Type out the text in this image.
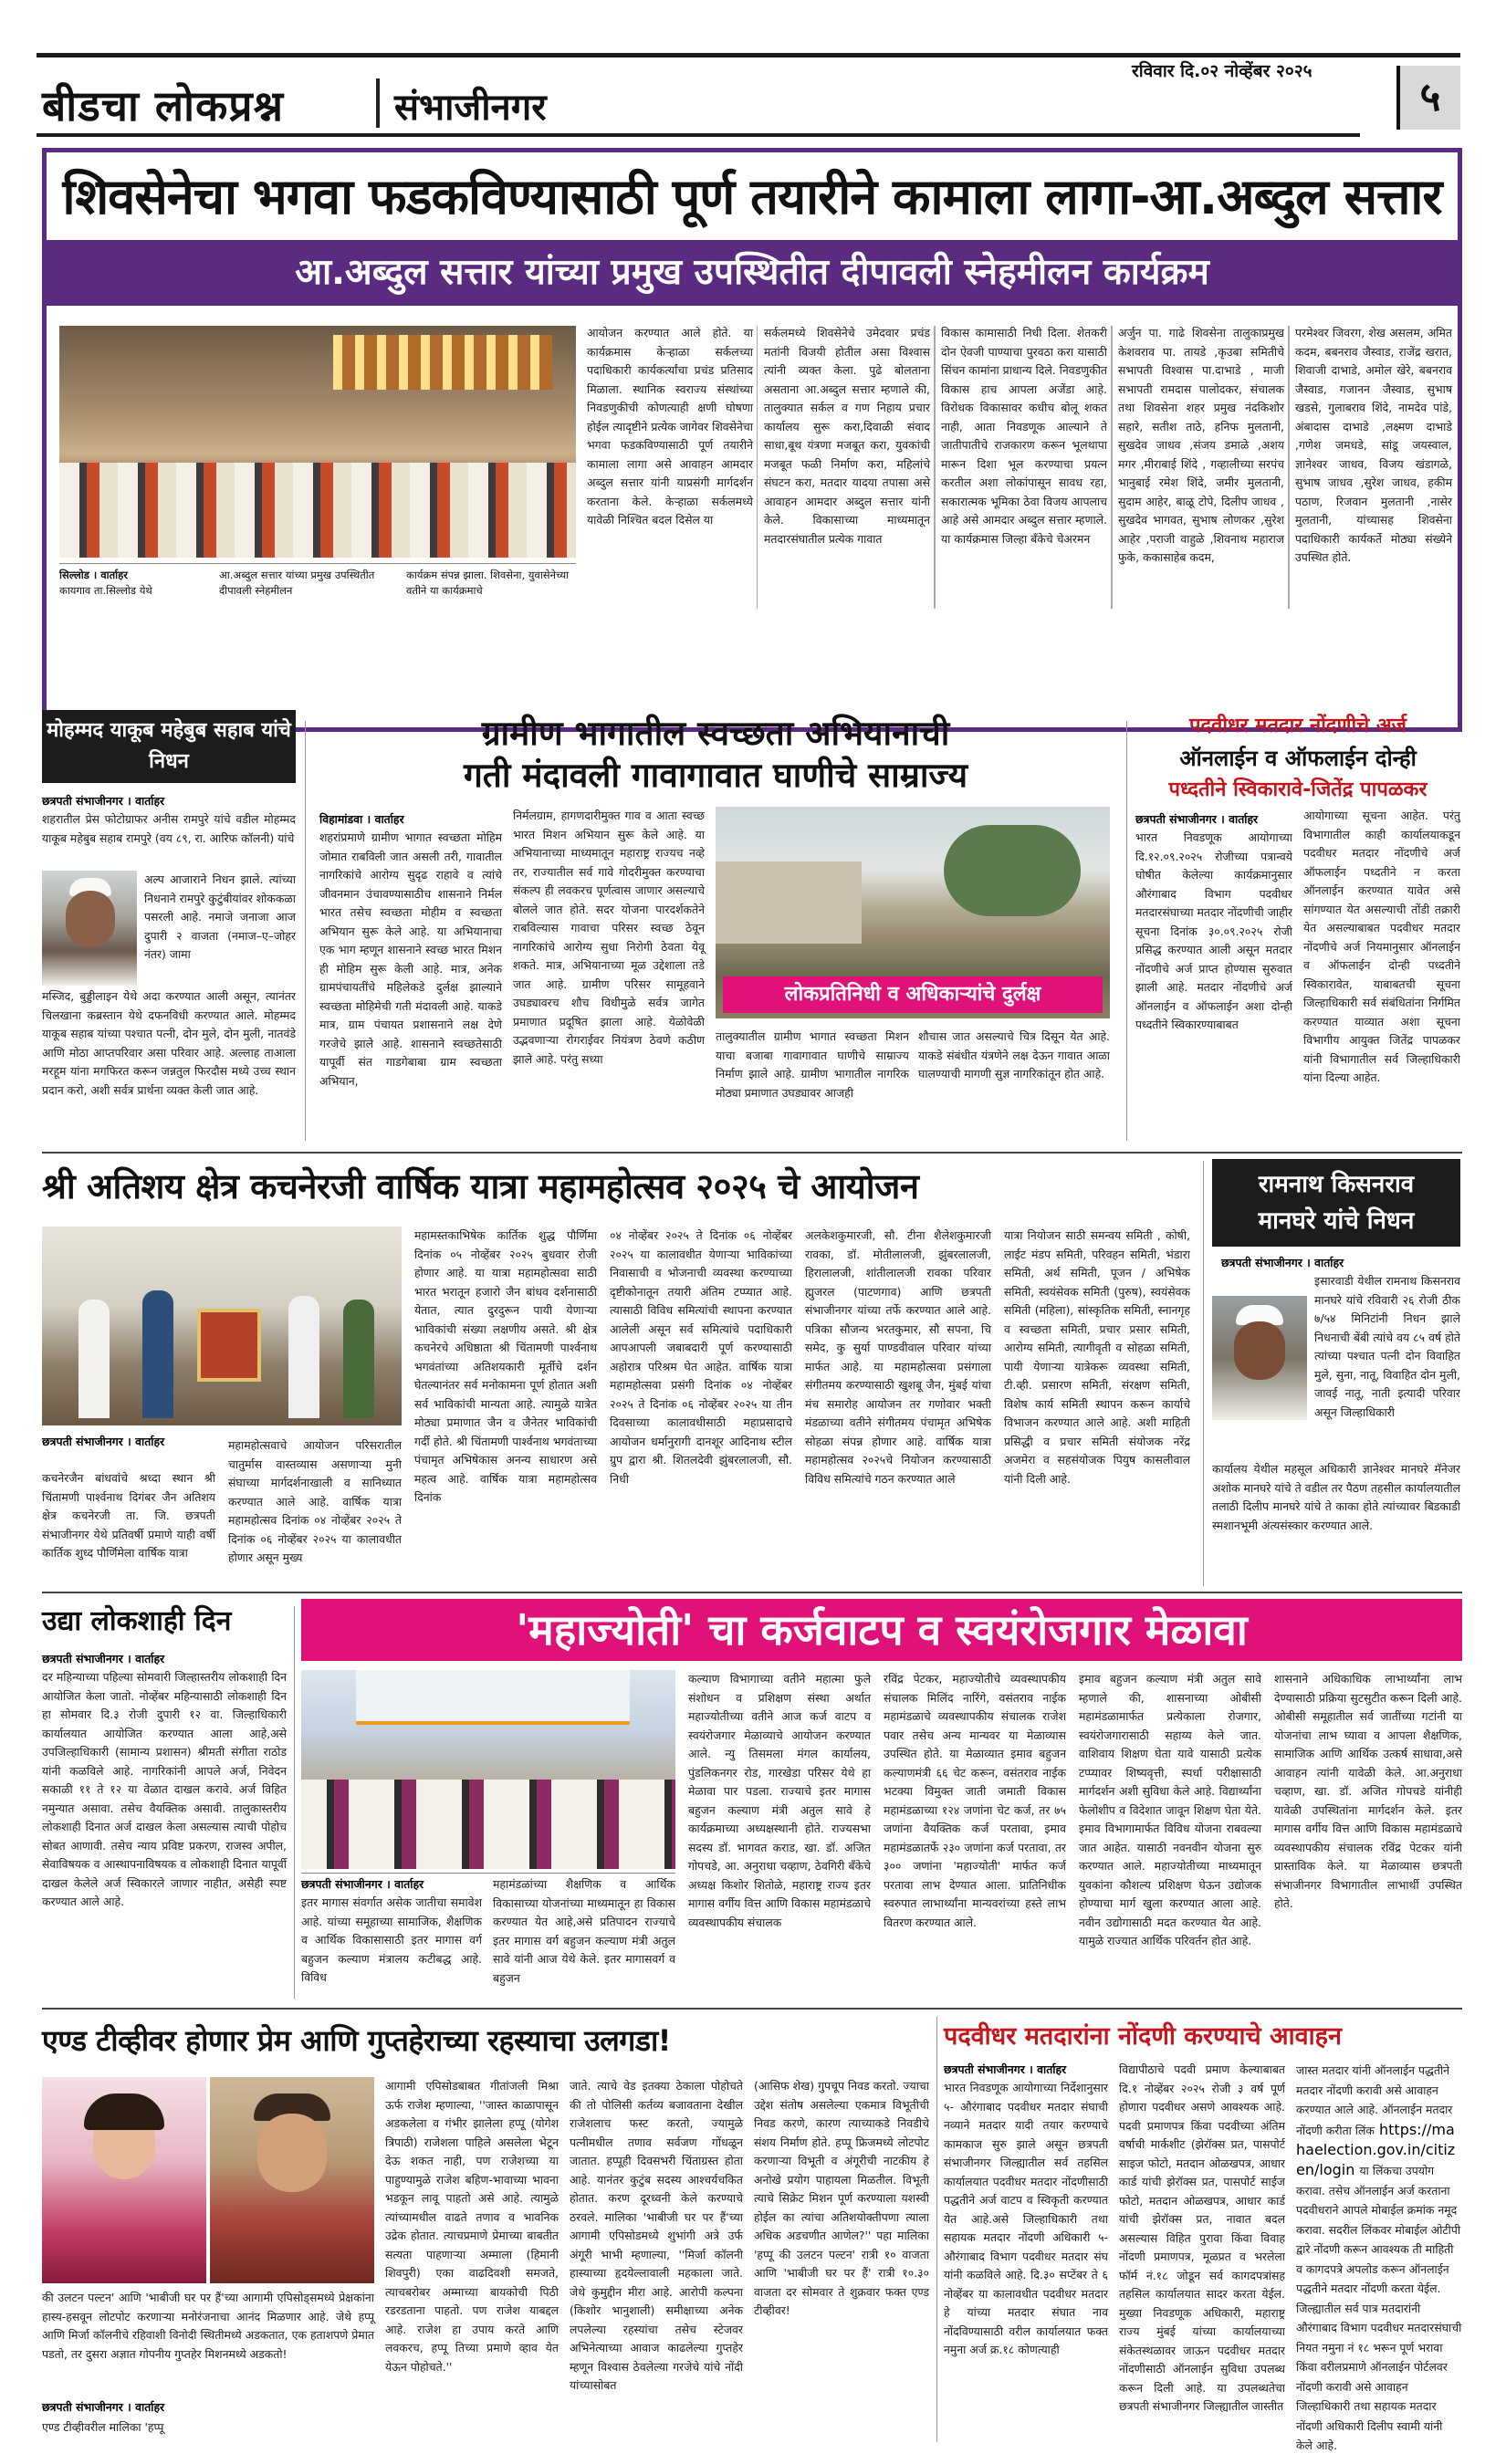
बीडचा लोकप्रश्न	संभाजीनगर
रविवार दि.०२ नोव्हेंबर २०२५
५
शिवसेनेचा भगवा फडकविण्यासाठी पूर्ण तयारीने कामाला लागा-आ.अब्दुल सत्तार
आ.अब्दुल सत्तार यांच्या प्रमुख उपस्थितीत दीपावली स्नेहमीलन कार्यक्रम
सिल्लोड । वार्ताहर
कायगाव ता.सिल्लोड येथे
आ.अब्दुल सत्तार यांच्या प्रमुख उपस्थितीत दीपावली स्नेहमीलन
कार्यक्रम संपन्न झाला. शिवसेना, युवासेनेच्या वतीने या कार्यक्रमाचे
आयोजन करण्यात आले होते. या कार्यक्रमास केऱ्हाळा सर्कलच्या पदाधिकारी कार्यकर्त्यांचा प्रचंड प्रतिसाद मिळाला. स्थानिक स्वराज्य संस्थांच्या निवडणुकीची कोणत्याही क्षणी घोषणा होईल त्यादृष्टीने प्रत्येक जागेवर शिवसेनेचा भगवा फडकविण्यासाठी पूर्ण तयारीने कामाला लागा असे आवाहन आमदार अब्दुल सत्तार यांनी याप्रसंगी मार्गदर्शन करताना केले. केऱ्हाळा सर्कलमध्ये यावेळी निश्चित बदल दिसेल या
सर्कलमध्ये शिवसेनेचे उमेदवार प्रचंड मतांनी विजयी होतील असा विश्वास त्यांनी व्यक्त केला. पुढे बोलताना असताना आ.अब्दुल सत्तार म्हणाले की, तालुक्यात सर्कल व गण निहाय प्रचार कार्यालय सुरू करा,दिवाळी संवाद साधा,बूथ यंत्रणा मजबूत करा, युवकांची मजबूत फळी निर्माण करा, महिलांचे संघटन करा, मतदार यादया तपासा असे आवाहन आमदार अब्दुल सत्तार यांनी केले. विकासाच्या माध्यमातून मतदारसंघातील प्रत्येक गावात
विकास कामासाठी निधी दिला. शेतकरी दोन ऐवजी पाण्याचा पुरवठा करा यासाठी सिंचन कामांना प्राधान्य दिले. निवडणुकीत विकास हाच आपला अजेंडा आहे. विरोधक विकासावर कधीच बोलू शकत नाही, आता निवडणूक आल्याने ते जातीपातीचे राजकारण करून भूलथापा मारून दिशा भूल करण्याचा प्रयत्न करतील अशा लोकांपासून सावध रहा, सकारात्मक भूमिका ठेवा विजय आपलाच आहे असे आमदार अब्दुल सत्तार म्हणाले. या कार्यक्रमास जिल्हा बँकेचे चेअरमन
अर्जुन पा. गाढे शिवसेना तालुकाप्रमुख केशवराव पा. तायडे ,कृउबा समितीचे सभापती विश्वास पा.दाभाडे , माजी सभापती रामदास पालोदकर, संचालक तथा शिवसेना शहर प्रमुख नंदकिशोर सहारे, सतीश ताठे, हनिफ मुलतानी, सुखदेव जाधव ,संजय डमाळे ,अशय मगर ,मीराबाई शिंदे , गव्हालीच्या सरपंच भानुबाई रमेश शिंदे, जमीर मुलतानी, सुदाम आहेर, बाळू टोपे, दिलीप जाधव , सुखदेव भागवत, सुभाष लोणकर ,सुरेश आहेर ,पराजी वाहुळे ,शिवनाथ महाराज फुके, ककासाहेब कदम,
परमेश्वर जिवरग, शेख असलम, अमित कदम, बबनराव जैस्वाड, राजेंद्र खरात, शिवाजी दाभाडे, अमोल खेरे, बबनराव जैस्वाड, गजानन जैस्वाड, सुभाष खडसे, गुलाबराव शिंदे, नामदेव पांडे, अंबादास दाभाडे ,लक्ष्मण दाभाडे ,गणेश जमधडे, सांडू जयस्वाल, ज्ञानेश्वर जाधव, विजय खंडागळे, सुभाष जाधव ,सुरेश जाधव, हकीम पठाण, रिजवान मुलतानी ,नासेर मुलतानी, यांच्यासह शिवसेना पदाधिकारी कार्यकर्ते मोठ्या संख्येने उपस्थित होते.
मोहम्मद याकूब महेबुब सहाब यांचे निधन
छत्रपती संभाजीनगर । वार्ताहर
शहरातील प्रेस फोटोग्राफर अनीस रामपुरे यांचे वडील मोहम्मद याकूब महेबुब सहाब रामपुरे (वय ८९, रा. आरिफ कॉलनी) यांचे
अल्प आजाराने निधन झाले. त्यांच्या निधनाने रामपुरे कुटुंबीयांवर शोककळा पसरली आहे. नमाजे जनाजा आज दुपारी २ वाजता (नमाज–ए–जोहर नंतर) जामा
मस्जिद, बुड्डीलाइन येथे अदा करण्यात आली असून, त्यानंतर चिलखाना कब्रस्तान येथे दफनविधी करण्यात आले. मोहम्मद याकूब सहाब यांच्या पश्चात पत्नी, दोन मुले, दोन मुली, नातवंडे आणि मोठा आप्तपरिवार असा परिवार आहे. अल्लाह ताआला मरहूम यांना मगफिरत करून जन्नतुल फिरदौस मध्ये उच्च स्थान प्रदान करो, अशी सर्वत्र प्रार्थना व्यक्त केली जात आहे.
ग्रामीण भागातील स्वच्छता अभियानाची
गती मंदावली गावागावात घाणीचे साम्राज्य
विहामांडवा । वार्ताहर
शहरांप्रमाणे ग्रामीण भागात स्वच्छता मोहिम जोमात राबविली जात असली तरी, गावातील नागरिकांचे आरोग्य सुदृढ राहावे व त्यांचे जीवनमान उंचावण्यासाठीच शासनाने निर्मल भारत तसेच स्वच्छता मोहीम व स्वच्छता अभियान सुरू केले आहे. या अभियानाचा एक भाग म्हणून शासनाने स्वच्छ भारत मिशन ही मोहिम सुरू केली आहे. मात्र, अनेक ग्रामपंचायतींचे महिलेकडे दुर्लक्ष झाल्याने स्वच्छता मोहिमेची गती मंदावली आहे. याकडे मात्र, ग्राम पंचायत प्रशासनाने लक्ष देणे गरजेचे झाले आहे. शासनाने स्वच्छतेसाठी यापूर्वी संत गाडगेबाबा ग्राम स्वच्छता अभियान,
निर्मलग्राम, हागणदारीमुक्त गाव व आता स्वच्छ भारत मिशन अभियान सुरू केले आहे. या अभियानाच्या माध्यमातून महाराष्ट्र राज्यच नव्हे तर, राज्यातील सर्व गावे गोदरीमुक्त करण्याचा संकल्प ही लवकरच पूर्णत्वास जाणार असल्याचे बोलले जात होते. सदर योजना पारदर्शकतेने राबविल्यास गावाचा परिसर स्वच्छ ठेवून नागरिकांचे आरोग्य सुधा निरोगी ठेवता येवू शकते. मात्र, अभियानाच्या मूळ उद्देशाला तडे जात आहे. ग्रामीण परिसर सामूहवाने उघड्यावरच शौच विधीमुळे सर्वत्र जागेत प्रमाणात प्रदूषित झाला आहे. येळोवेळी उद्भवणाऱ्या रोगराईवर नियंत्रण ठेवणे कठीण झाले आहे. परंतु सध्या
लोकप्रतिनिधी व अधिकाऱ्यांचे दुर्लक्ष
तालुक्यातील ग्रामीण भागात स्वच्छता मिशन याचा बजाबा गावागावात घाणीचे साम्राज्य निर्माण झाले आहे. ग्रामीण भागातील नागरिक मोठ्या प्रमाणात उघड्यावर आजही
शौचास जात असल्याचे चित्र दिसून येत आहे. याकडे संबंधीत यंत्रणेने लक्ष देऊन गावात आळा घालण्याची मागणी सुज्ञ नागरिकांतून होत आहे.
पदवीधर मतदार नोंदणीचे अर्ज
ऑनलाईन व ऑफलाईन दोन्ही
पध्दतीने स्विकारावे-जितेंद्र पापळकर
छत्रपती संभाजीनगर । वार्ताहर
भारत निवडणूक आयोगाच्या दि.१२.०९.२०२५ रोजीच्या पत्रान्वये घोषीत केलेल्या कार्यक्रमानुसार औरंगाबाद विभाग पदवीधर मतदारसंघाच्या मतदार नोंदणीची जाहीर सूचना दिनांक ३०.०९.२०२५ रोजी प्रसिद्ध करण्यात आली असून मतदार नोंदणीचे अर्ज प्राप्त होण्यास सुरुवात झाली आहे. मतदार नोंदणीचे अर्ज ऑनलाईन व ऑफलाईन अशा दोन्ही पध्दतीने स्विकारण्याबाबत
आयोगाच्या सूचना आहेत. परंतु विभागातील काही कार्यालयाकडून पदवीधर मतदार नोंदणीचे अर्ज ऑफलाईन पध्दतीने न करता ऑनलाईन करण्यात यावेत असे सांगण्यात येत असल्याची तोंडी तक्रारी येत असल्याबाबत पदवीधर मतदार नोंदणीचे अर्ज नियमानुसार ऑनलाईन व ऑफलाईन दोन्ही पध्दतीने स्विकारावेत, याबाबतची सूचना जिल्हाधिकारी सर्व संबंधितांना निर्गमित करण्यात याव्यात अशा सूचना विभागीय आयुक्त जितेंद्र पापळकर यांनी विभागातील सर्व जिल्हाधिकारी यांना दिल्या आहेत.
श्री अतिशय क्षेत्र कचनेरजी वार्षिक यात्रा महामहोत्सव २०२५ चे आयोजन
छत्रपती संभाजीनगर । वार्ताहर
कचनेरजैन बांधवांचे श्रध्दा स्थान श्री चिंतामणी पार्श्वनाथ दिगंबर जैन अतिशय क्षेत्र कचनेरजी ता. जि. छत्रपती संभाजीनगर येथे प्रतिवर्षी प्रमाणे याही वर्षी कार्तिक शुध्द पौर्णिमेला वार्षिक यात्रा
महामहोत्सवाचे आयोजन परिसरातील चातुर्मास वास्तव्यास असणाऱ्या मुनी संघाच्या मार्गदर्शनाखाली व सानिध्यात करण्यात आले आहे. वार्षिक यात्रा महामहोत्सव दिनांक ०४ नोव्हेंबर २०२५ ते दिनांक ०६ नोव्हेंबर २०२५ या कालावधीत होणार असून मुख्य
महामस्तकाभिषेक कार्तिक शुद्ध पौर्णिमा दिनांक ०५ नोव्हेंबर २०२५ बुधवार रोजी होणार आहे. या यात्रा महामहोत्सवा साठी भारत भरातून हजारो जैन बांधव दर्शनासाठी येतात, त्यात दुरदुरून पायी येणाऱ्या भाविकांची संख्या लक्षणीय असते. श्री क्षेत्र कचनेरचे अधिष्ठाता श्री चिंतामणी पार्श्वनाथ भगवंतांच्या अतिशयकारी मूर्तीचे दर्शन घेतल्यानंतर सर्व मनोकामना पूर्ण होतात अशी सर्व भाविकांची मान्यता आहे. त्यामुळे यात्रेत मोठ्या प्रमाणात जैन व जैनेतर भाविकांची गर्दी होते. श्री चिंतामणी पार्श्वनाथ भगवंताच्या पंचामृत अभिषेकास अनन्य साधारण असे महत्व आहे. वार्षिक यात्रा महामहोत्सव दिनांक
०४ नोव्हेंबर २०२५ ते दिनांक ०६ नोव्हेंबर २०२५ या कालावधीत येणाऱ्या भाविकांच्या निवासाची व भोजनाची व्यवस्था करण्याच्या दृष्टीकोनातून तयारी अंतिम टप्प्यात आहे. त्यासाठी विविध समित्यांची स्थापना करण्यात आलेली असून सर्व समित्यांचे पदाधिकारी आपआपली जबाबदारी पूर्ण करण्यासाठी अहोरात्र परिश्रम घेत आहेत. वार्षिक यात्रा महामहोत्सवा प्रसंगी दिनांक ०४ नोव्हेंबर २०२५ ते दिनांक ०६ नोव्हेंबर २०२५ या तीन दिवसाच्या कालावधीसाठी महाप्रसादाचे आयोजन धर्मानुरागी दानशूर आदिनाथ स्टील ग्रुप द्वारा श्री. शितलदेवी झुंबरलालजी, सौ. निधी
अलकेशकुमारजी, सौ. टीना शैलेशकुमारजी रावका, डॉ. मोतीलालजी, झुंबरलालजी, हिरालालजी, शांतीलालजी रावका परिवार ह्मुजरल (पाटणगाव) आणि छत्रपती संभाजीनगर यांच्या तर्फे करण्यात आले आहे. पत्रिका सौजन्य भरतकुमार, सौ सपना, चि समेद, कु सुर्या पाण्डवीवाल परिवार यांच्या मार्फत आहे. या महामहोत्सवा प्रसंगाला संगीतमय करण्यासाठी खुशबू जैन, मुंबई यांचा मंच समारोह आयोजन तर गणोवार भक्ती मंडळाच्या वतीने संगीतमय पंचामृत अभिषेक सोहळा संपन्न होणार आहे. वार्षिक यात्रा महामहोत्सव २०२५चे नियोजन करण्यासाठी विविध समित्यांचे गठन करण्यात आले
यात्रा नियोजन साठी समन्वय समिती , कोषी, लाईट मंडप समिती, परिवहन समिती, भंडारा समिती, अर्थ समिती, पूजन / अभिषेक समिती, स्वयंसेवक समिती (पुरुष), स्वयंसेवक समिती (महिला), सांस्कृतिक समिती, स्नानगृह व स्वच्छता समिती, प्रचार प्रसार समिती, आरोग्य समिती, त्यागीवृती व सोहळा समिती, पायी येणाऱ्या यात्रेकरू व्यवस्था समिती, टी.व्ही. प्रसारण समिती, संरक्षण समिती, विशेष कार्य समिती स्थापन करून कार्याचे विभाजन करण्यात आले आहे. अशी माहिती प्रसिद्धी व प्रचार समिती संयोजक नरेंद्र अजमेरा व सहसंयोजक पियुष कासलीवाल यांनी दिली आहे.
रामनाथ किसनराव
मानघरे यांचे निधन
छत्रपती संभाजीनगर । वार्ताहर
इसारवाडी येथील रामनाथ किसनराव मानघरे यांचे रविवारी २६ रोजी ठीक ७/५४ मिनिटांनी निधन झाले निधनाची बेंबी त्यांचे वय ८५ वर्ष होते त्यांच्या पश्चात पत्नी दोन विवाहित मुले, सुना, नातू, विवाहित दोन मुली, जावई नातू, नाती इत्यादी परिवार असून जिल्हाधिकारी
कार्यालय येथील महसूल अधिकारी ज्ञानेश्वर मानघरे मॅनेजर अशोक मानघरे यांचे ते वडील तर पैठण तहसील कार्यालयातील तलाठी दिलीप मानघरे यांचे ते काका होते त्यांच्यावर बिडकाडी स्मशानभूमी अंत्यसंस्कार करण्यात आले.
उद्या लोकशाही दिन
छत्रपती संभाजीनगर । वार्ताहर
दर महिन्याच्या पहिल्या सोमवारी जिल्हास्तरीय लोकशाही दिन आयोजित केला जातो. नोव्हेंबर महिन्यासाठी लोकशाही दिन हा सोमवार दि.३ रोजी दुपारी १२ वा. जिल्हाधिकारी कार्यालयात आयोजित करण्यात आला आहे,असे उपजिल्हाधिकारी (सामान्य प्रशासन) श्रीमती संगीता राठोड यांनी कळविले आहे. नागरिकांनी आपले अर्ज, निवेदन सकाळी ११ ते १२ या वेळात दाखल करावे. अर्ज विहित नमुन्यात असावा. तसेच वैयक्तिक असावी. तालुकास्तरीय लोकशाही दिनात अर्ज दाखल केला असल्यास त्याची पोहोच सोबत आणावी. तसेच न्याय प्रविष्ट प्रकरण, राजस्व अपील, सेवाविषयक व आस्थापनाविषयक व लोकशाही दिनात यापूर्वी दाखल केलेले अर्ज स्विकारले जाणार नाहीत, असेही स्पष्ट करण्यात आले आहे.
'महाज्योती' चा कर्जवाटप व स्वयंरोजगार मेळावा
छत्रपती संभाजीनगर । वार्ताहर
इतर मागास संवर्गात असेक जातीचा समावेश आहे. यांच्या समूहाच्या सामाजिक, शैक्षणिक व आर्थिक विकासासाठी इतर मागास वर्ग बहुजन कल्याण मंत्रालय कटीबद्ध आहे. विविध
महामंडळांच्या शैक्षणिक व आर्थिक विकासाच्या योजनांच्या माध्यमातून हा विकास करण्यात येत आहे,असे प्रतिपादन राज्याचे इतर मागास वर्ग बहुजन कल्याण मंत्री अतुल सावे यांनी आज येथे केले. इतर मागासवर्ग व बहुजन
कल्याण विभागाच्या वतीने महात्मा फुले संशोधन व प्रशिक्षण संस्था अर्थात महाज्योतीच्या वतीने आज कर्ज वाटप व स्वयंरोजगार मेळाव्याचे आयोजन करण्यात आले. न्यु तिसमला मंगल कार्यालय, पुंडलिकनगर रोड, गारखेडा परिसर येथे हा मेळावा पार पडला. राज्याचे इतर मागास बहुजन कल्याण मंत्री अतुल सावे हे कार्यक्रमाच्या अध्यक्षस्थानी होते. राज्यसभा सदस्य डॉ. भागवत कराड, खा. डॉ. अजित गोपचडे, आ. अनुराधा चव्हाण, ठेवगिरी बँकेचे अध्यक्ष किशोर शितोळे, महाराष्ट्र राज्य इतर मागास वर्गीय वित्त आणि विकास महामंडळाचे व्यवस्थापकीय संचालक
रविंद्र पेटकर, महाज्योतीचे व्यवस्थापकीय संचालक मिलिंद नारिंगे, वसंतराव नाईक महामंडळाचे व्यवस्थापकीय संचालक राजेश पवार तसेच अन्य मान्यवर या मेळाव्यास उपस्थित होते. या मेळाव्यात इमाव बहुजन कल्याणमंत्री ६६ चेट करून, वसंतराव नाईक भटक्या विमुक्त जाती जमाती विकास महामंडळाच्या १२४ जणांना चेट कर्ज, तर ७५ जणांना वैयक्तिक कर्ज परतावा, इमाव महामंडळातर्फे २३० जणांना कर्ज परतावा, तर ३०० जणांना 'महाज्योती' मार्फत कर्ज परतावा लाभ देण्यात आला. प्रातिनिधीक स्वरुपात लाभार्थ्यांना मान्यवरांच्या हस्ते लाभ वितरण करण्यात आले.
इमाव बहुजन कल्याण मंत्री अतुल सावे म्हणाले की, शासनाच्या ओबीसी महामंडळामार्फत प्रत्येकाला रोजगार, स्वयंरोजगारासाठी सहाय्य केले जात. वाशिवाय शिक्षण घेता यावे यासाठी प्रत्येक टप्प्यावर शिष्यवृत्ती, स्पर्धा परीक्षासाठी मार्गदर्शन अशी सुविधा केले आहे. विद्यार्थ्यांना फेलोशीप व विदेशात जावून शिक्षण घेता येते. इमाव विभागामार्फत विविध योजना राबवल्या जात आहेत. यासाठी नवनवीन योजना सुरु करण्यात आले. महाज्योतीच्या माध्यमातून युवकांना कौशल्य प्रशिक्षण घेऊन उद्योजक होण्याचा मार्ग खुला करण्यात आला आहे. नवीन उद्योगासाठी मदत करण्यात येत आहे. यामुळे राज्यात आर्थिक परिवर्तन होत आहे.
शासनाने अधिकाधिक लाभार्थ्यांना लाभ देण्यासाठी प्रक्रिया सुटसुटीत करून दिली आहे. ओबीसी समूहातील सर्व जातींच्या गटांनी या योजनांचा लाभ घ्यावा व आपला शैक्षणिक, सामाजिक आणि आर्थिक उत्कर्ष साधावा,असे आवाहन त्यांनी यावेळी केले. आ.अनुराधा चव्हाण, खा. डॉ. अजित गोपचडे यांनीही यावेळी उपस्थितांना मार्गदर्शन केले. इतर मागास वर्गीय वित्त आणि विकास महामंडळाचे व्यवस्थापकीय संचालक रविंद्र पेटकर यांनी प्रास्ताविक केले. या मेळाव्यास छत्रपती संभाजीनगर विभागातील लाभार्थी उपस्थित होते.
एण्ड टीव्हीवर होणार प्रेम आणि गुप्तहेराच्या रहस्याचा उलगडा!
की उलटन पल्टन' आणि 'भाबीजी घर पर हैं'च्या आगामी एपिसोड्समध्ये प्रेक्षकांना हास्य-हसवून लोटपोट करणाऱ्या मनोरंजनाचा आनंद मिळणार आहे. जेथे हप्पू आणि मिर्जा कॉलनीचे रहिवाशी विनोदी स्थितीमध्ये अडकतात, एक हताशपणे प्रेमात पडतो, तर दुसरा अज्ञात गोपनीय गुप्तहेर मिशनमध्ये अडकतो!
छत्रपती संभाजीनगर । वार्ताहर
एण्ड टीव्हीवरील मालिका 'हप्पू
आगामी एपिसोडबाबत गीतांजली मिश्रा ऊर्फ राजेश म्हणाल्या, ''जास्त काळापासून अडकलेला व गंभीर झालेला हप्पू (योगेश त्रिपाठी) राजेशला पाहिले असलेला भेटून देऊ शकत नाही, पण राजेशच्या या पाहुण्यामुळे राजेश बहिण-भावाच्या भावना भडकून लावू पाहतो असे आहे. त्यामुळे त्यांच्यामधील वाढते तणाव व भावनिक उद्रेक होतात. त्याचप्रमाणे प्रेमाच्या बाबतीत सत्यता पाहणाऱ्या अम्माला (हिमानी शिवपुरी) एका वाढदिवशी समजते, त्याचबरोबर अम्माच्या बायकोची पिठी रडरडताना पाहतो. पण राजेश याबद्दल आहे. राजेश हा उपाय करते आणि लवकरच, हप्पू तिच्या प्रमाणे व्हाव येत येऊन पोहोचते.''
जाते. त्याचे वेड इतक्या ठेकाला पोहोचते की तो पोलिसी कर्तव्य बजावताना देखील राजेशलाच फस्ट करतो, ज्यामुळे पत्नीमधील तणाव सर्वजण गोंधळून जातात. हप्पूही दिवसभरी चिंताग्रस्त होता आहे. यानंतर कुटुंब सदस्य आश्चर्यचकित होतात. करण दूरध्वनी केले करण्याचे ठरवले. मालिका 'भाबीजी घर पर हैं'च्या आगामी एपिसोडमध्ये शुभांगी अत्रे उर्फ अंगूरी भाभी म्हणाल्या, ''मिर्जा कॉलनी हास्याच्या हृदयेल्लावाली महकाला जाते. जेथे कुमुद्दीन मीरा आहे. आरोपी कल्पना (किशोर भानुशाली) समीक्षाच्या अनेक लपलेल्या रहस्यांचा तसेच स्टेजवर अभिनेत्याच्या आवाज काढलेल्या गुप्तहेर म्हणून विश्वास ठेवलेल्या गरजेचे यांचे नोंदी यांच्यासोबत
(आसिफ शेख) गुपचूप निवड करतो. ज्याचा उद्देश संतोष असलेल्या एकमात्र विभूतीची निवड करणे, कारण त्याच्याकडे निवडीचे संशय निर्माण होते. हप्पू फ्रिजमध्ये लोटपोट करणाऱ्या विभूती व अंगूरीची नाटकीय हे अनोखे प्रयोग पाहायला मिळतील. विभूती त्याचे सिक्रेट मिशन पूर्ण करण्याला यशस्वी होईल का त्यांचा अतिशयोक्तीपणा त्याला अधिक अडचणीत आणेल?'' पहा मालिका 'हप्पू की उलटन पल्टन' रात्री १० वाजता आणि 'भाबीजी घर पर हैं' रात्री १०.३० वाजता दर सोमवार ते शुक्रवार फक्त एण्ड टीव्हीवर!
पदवीधर मतदारांना नोंदणी करण्याचे आवाहन
छत्रपती संभाजीनगर । वार्ताहर
भारत निवडणूक आयोगाच्या निर्देशानुसार ५- औरंगाबाद पदवीधर मतदार संघाची नव्याने मतदार यादी तयार करण्याचे कामकाज सुरु झाले असून छत्रपती संभाजीनगर जिल्ह्यातील सर्व तहसिल कार्यालयात पदवीधर मतदार नोंदणीसाठी पद्धतीने अर्ज वाटप व स्विकृती करण्यात येत आहे.असे जिल्हाधिकारी तथा सहायक मतदार नोंदणी अधिकारी ५- औरंगाबाद विभाग पदवीधर मतदार संघ यांनी कळविले आहे. दि.३० सप्टेंबर ते ६ नोव्हेंबर या कालावधीत पदवीधर मतदार हे यांच्या मतदार संघात नाव नोंदविण्यासाठी वरील कार्यालयात फक्त नमुना अर्ज क्र.१८ कोणत्याही
विद्यापीठाचे पदवी प्रमाण केल्याबाबत दि.१ नोव्हेंबर २०२५ रोजी ३ वर्ष पूर्ण होणारा पदवीधर असणे आवश्यक आहे. पदवी प्रमाणपत्र किंवा पदवीच्या अंतिम वर्षाची मार्कशीट (झेरॉक्स प्रत, पासपोर्ट साइज फोटो, मतदान ओळखपत्र, आधार कार्ड यांची झेरॉक्स प्रत, पासपोर्ट साईज फोटो, मतदान ओळखपत्र, आधार कार्ड यांची झेरॉक्स प्रत, नावात बदल असल्यास विहित पुरावा किंवा विवाह नोंदणी प्रमाणपत्र, मूळप्रत व भरलेला फॉर्म नं.१८ जोडून सर्व कागदपत्रांसह तहसिल कार्यालयात सादर करता येईल. मुख्या निवडणूक अधिकारी, महाराष्ट्र राज्य मुंबई यांच्या कार्यालयाच्या संकेतस्थळावर जाऊन पदवीधर मतदार नोंदणीसाठी ऑनलाईन सुविधा उपलब्ध करून दिली आहे. या उपलब्धतेचा छत्रपती संभाजीनगर जिल्ह्यातील जास्तीत
जास्त मतदार यांनी ऑनलाईन पद्धतीने मतदार नोंदणी करावी असे आवाहन करण्यात आले आहे. ऑनलाईन मतदार नोंदणी करीता लिंक https://mahaelection.gov.in/citizen/login या लिंकचा उपयोग करावा. तसेच ऑनलाईन अर्ज करताना पदवीधराने आपले मोबाईल क्रमांक नमूद करावा. सदरील लिंकवर मोबाईल ओटीपी द्वारे नोंदणी करून आवश्यक ती माहिती व कागदपत्रे अपलोड करून ऑनलाईन पद्धतीने मतदार नोंदणी करता येईल. जिल्ह्यातील सर्व पात्र मतदारांनी औरंगाबाद विभाग पदवीधर मतदारसंघाची नियत नमुना नं १८ भरून पूर्ण भरावा किंवा वरीलप्रमाणे ऑनलाईन पोर्टलवर नोंदणी करावी असे आवाहन जिल्हाधिकारी तथा सहायक मतदार नोंदणी अधिकारी दिलीप स्वामी यांनी केले आहे.
